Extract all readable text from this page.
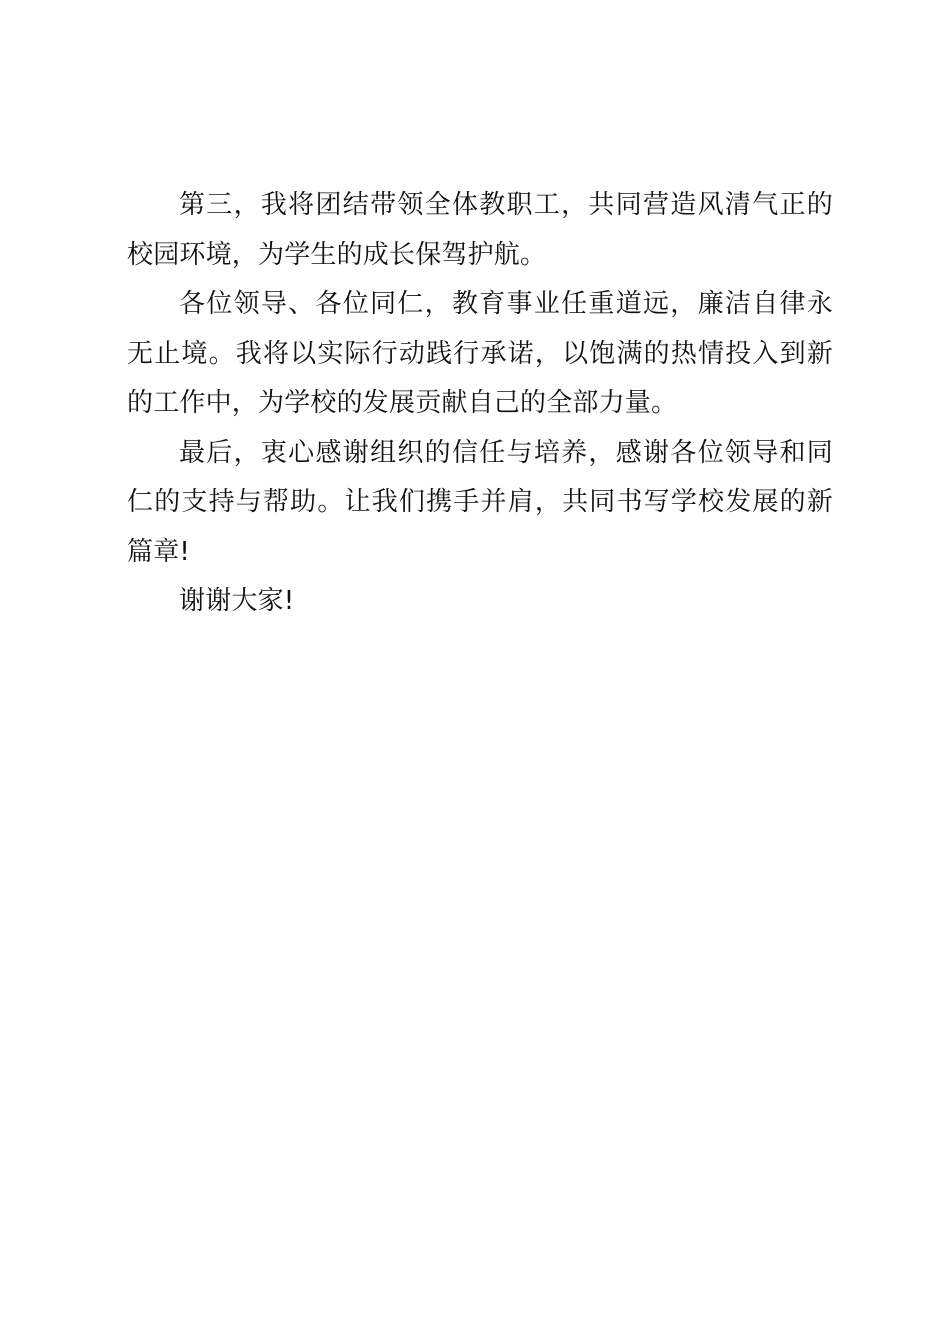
第三，我将团结带领全体教职工，共同营造风清气正的校园环境，为学生的成长保驾护航。

各位领导、各位同仁，教育事业任重道远，廉洁自律永无止境。我将以实际行动践行承诺，以饱满的热情投入到新的工作中，为学校的发展贡献自己的全部力量。

最后，衷心感谢组织的信任与培养，感谢各位领导和同仁的支持与帮助。让我们携手并肩，共同书写学校发展的新篇章!

谢谢大家!
